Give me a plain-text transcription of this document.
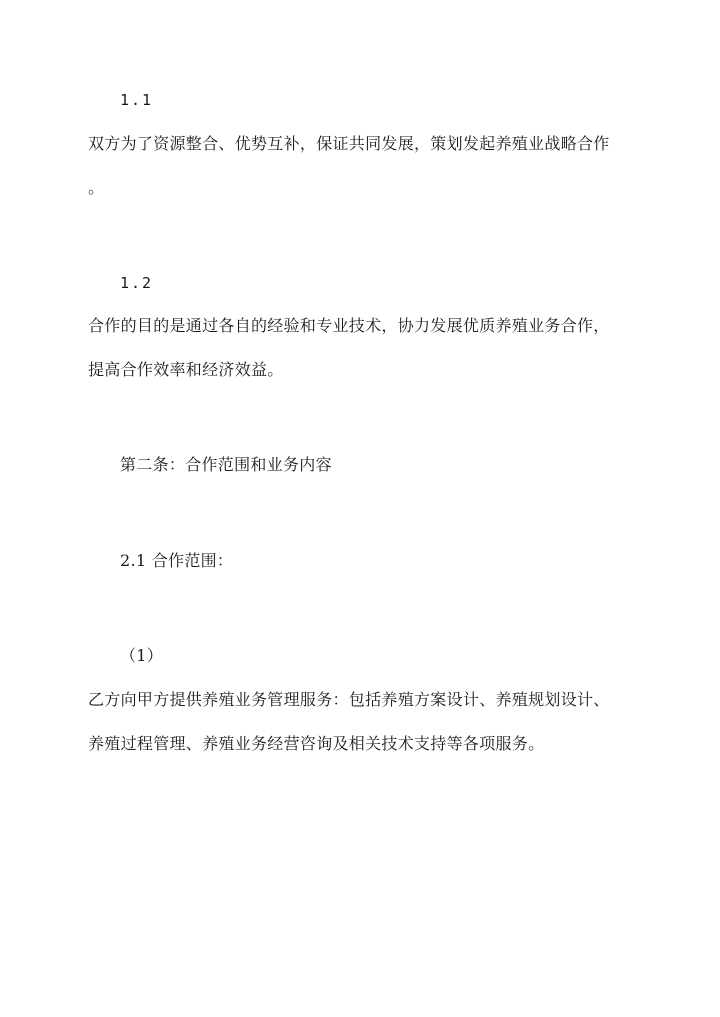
1.1
双方为了资源整合、优势互补，保证共同发展，策划发起养殖业战略合作
。
1.2
合作的目的是通过各自的经验和专业技术，协力发展优质养殖业务合作，
提高合作效率和经济效益。
第二条：合作范围和业务内容
2.1 合作范围：
（1）
乙方向甲方提供养殖业务管理服务：包括养殖方案设计、养殖规划设计、
养殖过程管理、养殖业务经营咨询及相关技术支持等各项服务。
